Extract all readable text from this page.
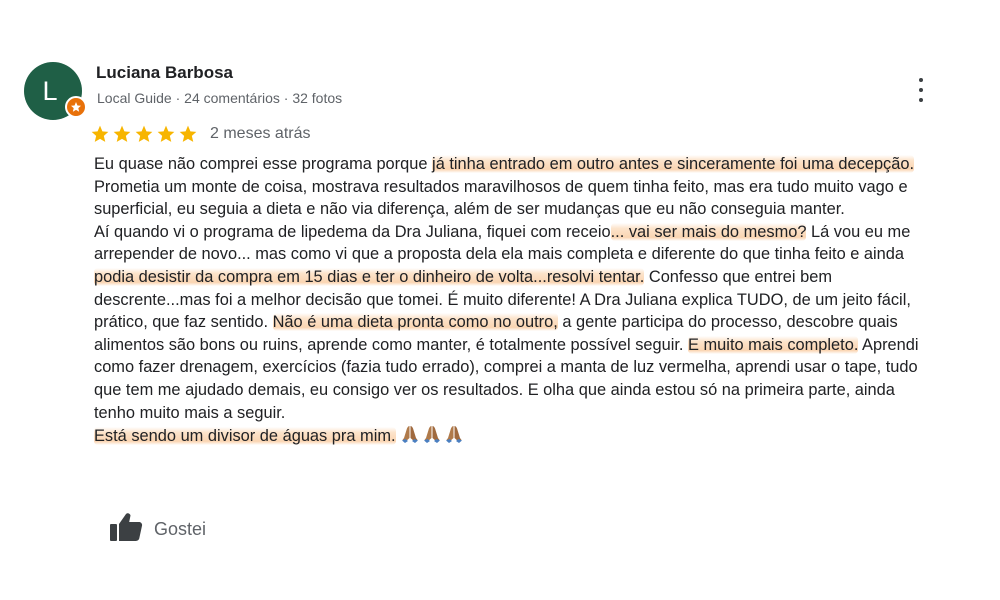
L
Luciana Barbosa
Local Guide · 24 comentários · 32 fotos
2 meses atrás

Eu quase não comprei esse programa porque já tinha entrado em outro antes e sinceramente foi uma decepção. Prometia um monte de coisa, mostrava resultados maravilhosos de quem tinha feito, mas era tudo muito vago e superficial, eu seguia a dieta e não via diferença, além de ser mudanças que eu não conseguia manter.

Aí quando vi o programa de lipedema da Dra Juliana, fiquei com receio... vai ser mais do mesmo? Lá vou eu me arrepender de novo... mas como vi que a proposta dela ela mais completa e diferente do que tinha feito e ainda podia desistir da compra em 15 dias e ter o dinheiro de volta...resolvi tentar. Confesso que entrei bem descrente...mas foi a melhor decisão que tomei. É muito diferente! A Dra Juliana explica TUDO, de um jeito fácil, prático, que faz sentido. Não é uma dieta pronta como no outro, a gente participa do processo, descobre quais alimentos são bons ou ruins, aprende como manter, é totalmente possível seguir. E muito mais completo. Aprendi como fazer drenagem, exercícios (fazia tudo errado), comprei a manta de luz vermelha, aprendi usar o tape, tudo que tem me ajudado demais, eu consigo ver os resultados. E olha que ainda estou só na primeira parte, ainda tenho muito mais a seguir.

Está sendo um divisor de águas pra mim.

Gostei
